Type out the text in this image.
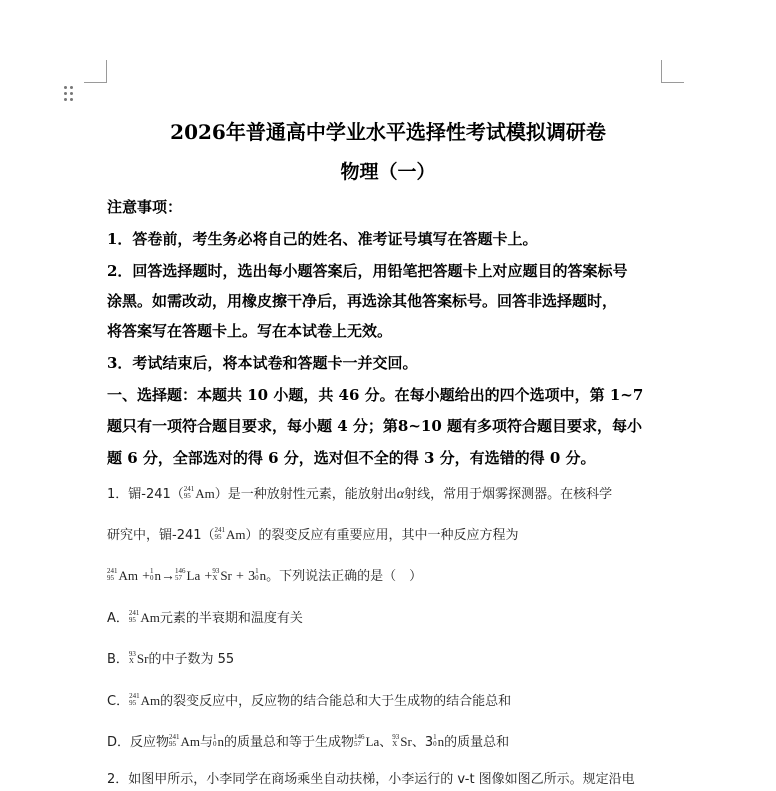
2026年普通高中学业水平选择性考试模拟调研卷
物理（一）
注意事项：
1．答卷前，考生务必将自己的姓名、准考证号填写在答题卡上。
2．回答选择题时，选出每小题答案后，用铅笔把答题卡上对应题目的答案标号
涂黑。如需改动，用橡皮擦干净后，再选涂其他答案标号。回答非选择题时，
将答案写在答题卡上。写在本试卷上无效。
3．考试结束后，将本试卷和答题卡一并交回。
一、选择题：本题共 10 小题，共 46 分。在每小题给出的四个选项中，第 1~7
题只有一项符合题目要求，每小题 4 分；第8~10 题有多项符合题目要求，每小
题 6 分，全部选对的得 6 分，选对但不全的得 3 分，有选错的得 0 分。
1．镅-241（ 241
95 Am）是一种放射性元素，能放射出α射线，常用于烟雾探测器。在核科学
研究中，镅-241（ 241
95 Am）的裂变反应有重要应用，其中一种反应方程为
241
95 Am + 1
0 n→ 146
57 La + 93
X Sr + 3 1
0 n。下列说法正确的是（　）
A． 241
95 Am元素的半衰期和温度有关
B． 93
X Sr的中子数为 55
C． 241
95 Am的裂变反应中，反应物的结合能总和大于生成物的结合能总和
D．反应物 241
95 Am与 1
0 n的质量总和等于生成物 146
57 La、 93
X Sr、3 1
0 n的质量总和
2．如图甲所示，小李同学在商场乘坐自动扶梯，小李运行的 v-t 图像如图乙所示。规定沿电
